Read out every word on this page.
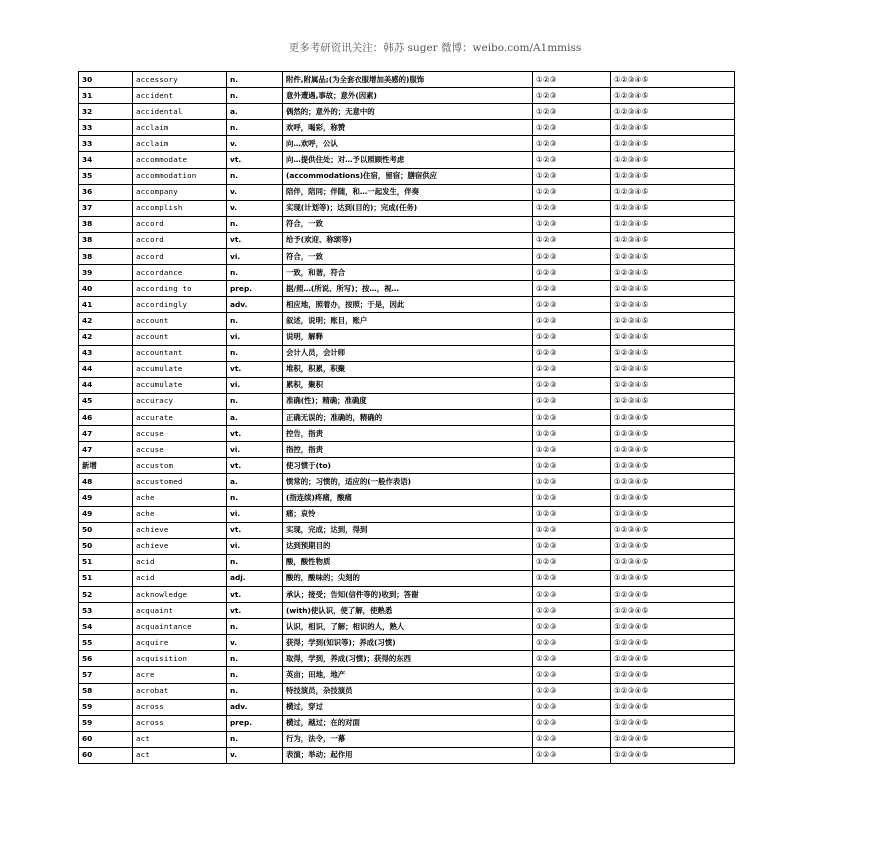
更多考研资讯关注：韩苏 suger 微博：weibo.com/A1mmiss
30	accessory	n.	附件,附属品;(为全套衣服增加美感的)服饰	①②③	①②③④⑤
31	accident	n.	意外遭遇,事故；意外(因素)	①②③	①②③④⑤
32	accidental	a.	偶然的；意外的；无意中的	①②③	①②③④⑤
33	acclaim	n.	欢呼，喝彩，称赞	①②③	①②③④⑤
33	acclaim	v.	向…欢呼，公认	①②③	①②③④⑤
34	accommodate	vt.	向…提供住处；对…予以照顾性考虑	①②③	①②③④⑤
35	accommodation	n.	(accommodations)住宿，留宿；膳宿供应	①②③	①②③④⑤
36	accompany	v.	陪伴，陪同；伴随，和…一起发生，伴奏	①②③	①②③④⑤
37	accomplish	v.	实现(计划等)；达到(目的)；完成(任务)	①②③	①②③④⑤
38	accord	n.	符合，一致	①②③	①②③④⑤
38	accord	vt.	给予(欢迎、称颂等)	①②③	①②③④⑤
38	accord	vi.	符合，一致	①②③	①②③④⑤
39	accordance	n.	一致，和谐，符合	①②③	①②③④⑤
40	according to	prep.	据/照…(所说、所写)；按…，视…	①②③	①②③④⑤
41	accordingly	adv.	相应地，照着办，按照；于是，因此	①②③	①②③④⑤
42	account	n.	叙述，说明；账目，账户	①②③	①②③④⑤
42	account	vi.	说明，解释	①②③	①②③④⑤
43	accountant	n.	会计人员，会计师	①②③	①②③④⑤
44	accumulate	vt.	堆积，积累，积聚	①②③	①②③④⑤
44	accumulate	vi.	累积，聚积	①②③	①②③④⑤
45	accuracy	n.	准确(性)；精确；准确度	①②③	①②③④⑤
46	accurate	a.	正确无误的；准确的，精确的	①②③	①②③④⑤
47	accuse	vt.	控告，指责	①②③	①②③④⑤
47	accuse	vi.	指控，指责	①②③	①②③④⑤
新增	accustom	vt.	使习惯于(to)	①②③	①②③④⑤
48	accustomed	a.	惯常的；习惯的，适应的(一般作表语)	①②③	①②③④⑤
49	ache	n.	(指连续)疼痛，酸痛	①②③	①②③④⑤
49	ache	vi.	痛；哀怜	①②③	①②③④⑤
50	achieve	vt.	实现，完成；达到，得到	①②③	①②③④⑤
50	achieve	vi.	达到预期目的	①②③	①②③④⑤
51	acid	n.	酸，酸性物质	①②③	①②③④⑤
51	acid	adj.	酸的，酸味的；尖刻的	①②③	①②③④⑤
52	acknowledge	vt.	承认；接受；告知(信件等的)收到；答谢	①②③	①②③④⑤
53	acquaint	vt.	(with)使认识，使了解，使熟悉	①②③	①②③④⑤
54	acquaintance	n.	认识，相识，了解；相识的人，熟人	①②③	①②③④⑤
55	acquire	v.	获得；学到(知识等)；养成(习惯)	①②③	①②③④⑤
56	acquisition	n.	取得，学到，养成(习惯)；获得的东西	①②③	①②③④⑤
57	acre	n.	英亩；田地，地产	①②③	①②③④⑤
58	acrobat	n.	特技演员，杂技演员	①②③	①②③④⑤
59	across	adv.	横过，穿过	①②③	①②③④⑤
59	across	prep.	横过，越过；在的对面	①②③	①②③④⑤
60	act	n.	行为，法令，一幕	①②③	①②③④⑤
60	act	v.	表演；举动；起作用	①②③	①②③④⑤
